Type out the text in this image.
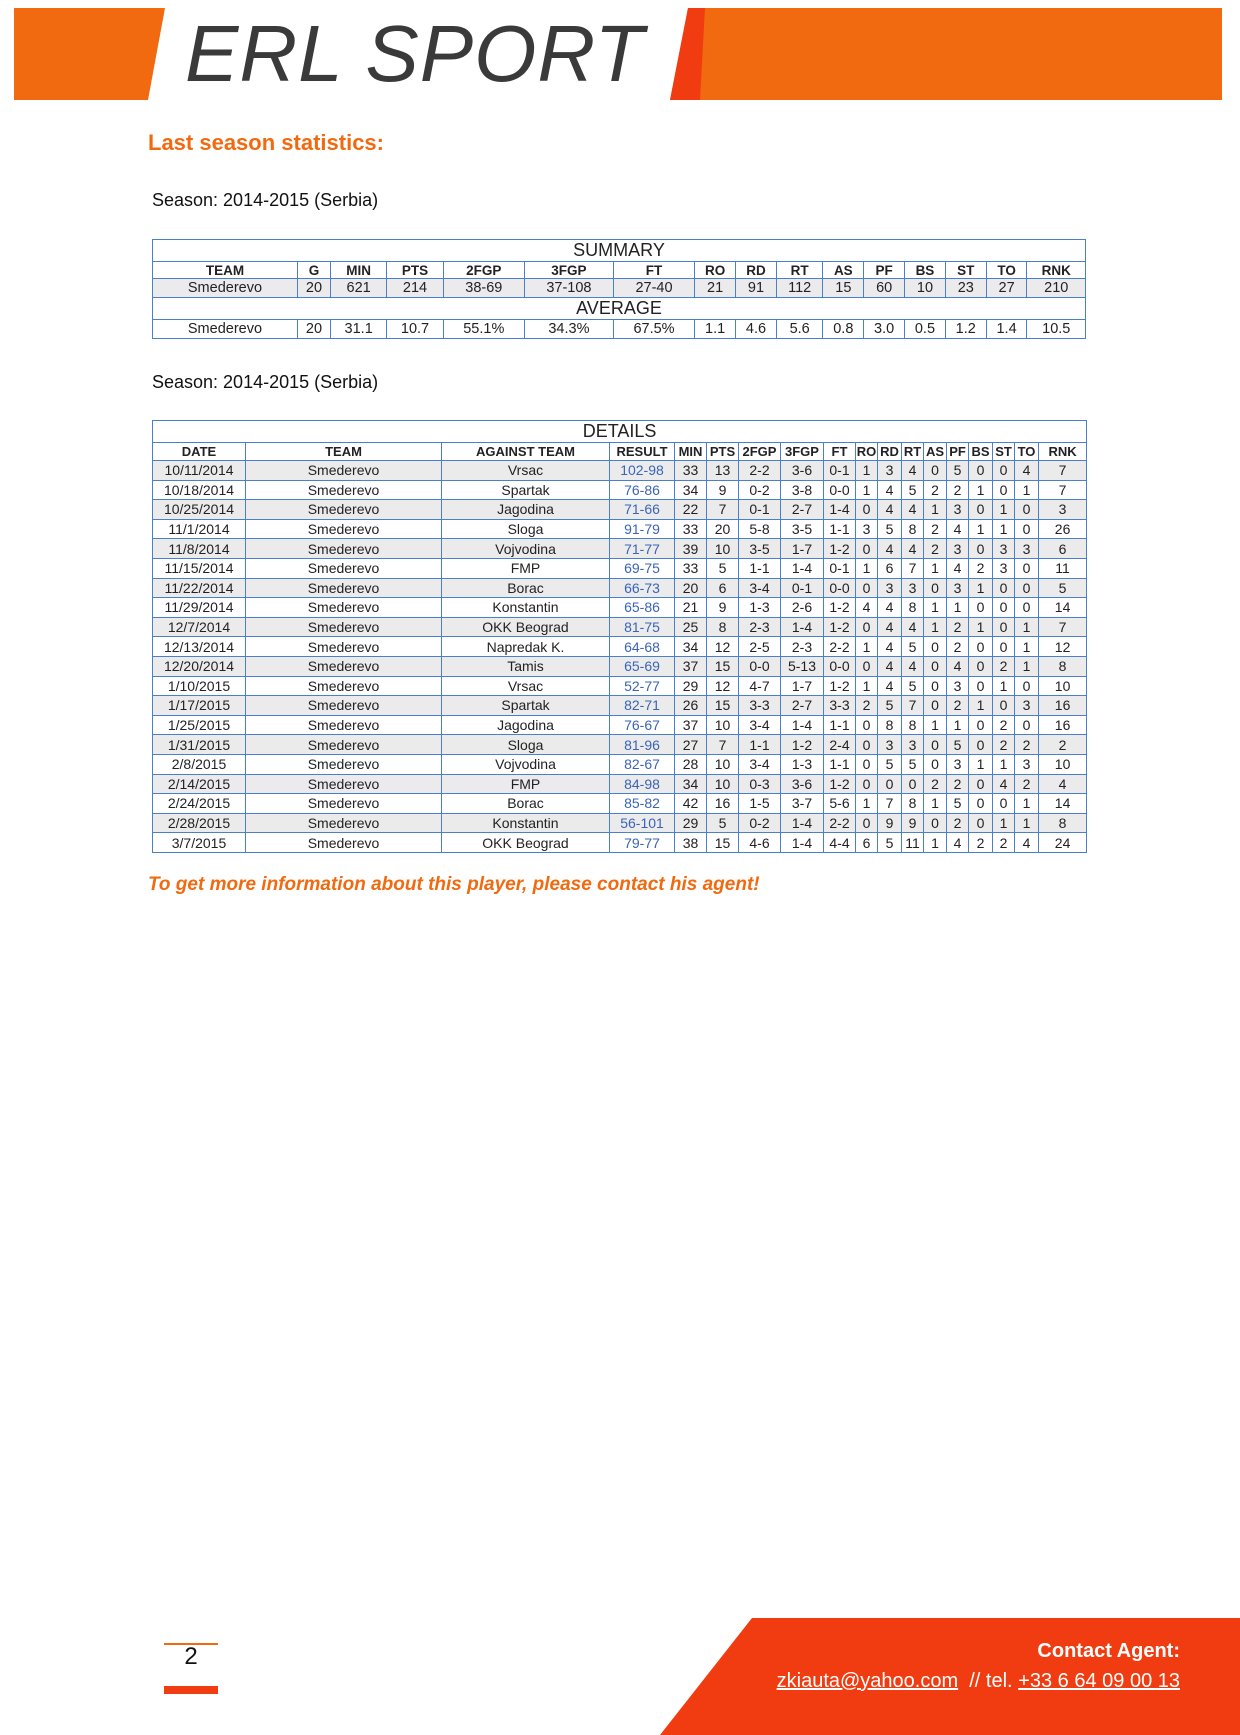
ERL SPORT
Last season statistics:
Season: 2014-2015 (Serbia)
SUMMARY															
TEAM	G	MIN	PTS	2FGP	3FGP	FT	RO	RD	RT	AS	PF	BS	ST	TO	RNK
Smederevo	20	621	214	38-69	37-108	27-40	21	91	112	15	60	10	23	27	210
AVERAGE															
Smederevo	20	31.1	10.7	55.1%	34.3%	67.5%	1.1	4.6	5.6	0.8	3.0	0.5	1.2	1.4	10.5
Season: 2014-2015 (Serbia)
DETAILS																	
DATE	TEAM	AGAINST TEAM	RESULT	MIN	PTS	2FGP	3FGP	FT	RO	RD	RT	AS	PF	BS	ST	TO	RNK
10/11/2014	Smederevo	Vrsac	102-98	33	13	2-2	3-6	0-1	1	3	4	0	5	0	0	4	7
10/18/2014	Smederevo	Spartak	76-86	34	9	0-2	3-8	0-0	1	4	5	2	2	1	0	1	7
10/25/2014	Smederevo	Jagodina	71-66	22	7	0-1	2-7	1-4	0	4	4	1	3	0	1	0	3
11/1/2014	Smederevo	Sloga	91-79	33	20	5-8	3-5	1-1	3	5	8	2	4	1	1	0	26
11/8/2014	Smederevo	Vojvodina	71-77	39	10	3-5	1-7	1-2	0	4	4	2	3	0	3	3	6
11/15/2014	Smederevo	FMP	69-75	33	5	1-1	1-4	0-1	1	6	7	1	4	2	3	0	11
11/22/2014	Smederevo	Borac	66-73	20	6	3-4	0-1	0-0	0	3	3	0	3	1	0	0	5
11/29/2014	Smederevo	Konstantin	65-86	21	9	1-3	2-6	1-2	4	4	8	1	1	0	0	0	14
12/7/2014	Smederevo	OKK Beograd	81-75	25	8	2-3	1-4	1-2	0	4	4	1	2	1	0	1	7
12/13/2014	Smederevo	Napredak K.	64-68	34	12	2-5	2-3	2-2	1	4	5	0	2	0	0	1	12
12/20/2014	Smederevo	Tamis	65-69	37	15	0-0	5-13	0-0	0	4	4	0	4	0	2	1	8
1/10/2015	Smederevo	Vrsac	52-77	29	12	4-7	1-7	1-2	1	4	5	0	3	0	1	0	10
1/17/2015	Smederevo	Spartak	82-71	26	15	3-3	2-7	3-3	2	5	7	0	2	1	0	3	16
1/25/2015	Smederevo	Jagodina	76-67	37	10	3-4	1-4	1-1	0	8	8	1	1	0	2	0	16
1/31/2015	Smederevo	Sloga	81-96	27	7	1-1	1-2	2-4	0	3	3	0	5	0	2	2	2
2/8/2015	Smederevo	Vojvodina	82-67	28	10	3-4	1-3	1-1	0	5	5	0	3	1	1	3	10
2/14/2015	Smederevo	FMP	84-98	34	10	0-3	3-6	1-2	0	0	0	2	2	0	4	2	4
2/24/2015	Smederevo	Borac	85-82	42	16	1-5	3-7	5-6	1	7	8	1	5	0	0	1	14
2/28/2015	Smederevo	Konstantin	56-101	29	5	0-2	1-4	2-2	0	9	9	0	2	0	1	1	8
3/7/2015	Smederevo	OKK Beograd	79-77	38	15	4-6	1-4	4-4	6	5	11	1	4	2	2	4	24
To get more information about this player, please contact his agent!
2	Contact Agent:
zkiauta@yahoo.com  // tel. +33 6 64 09 00 13
